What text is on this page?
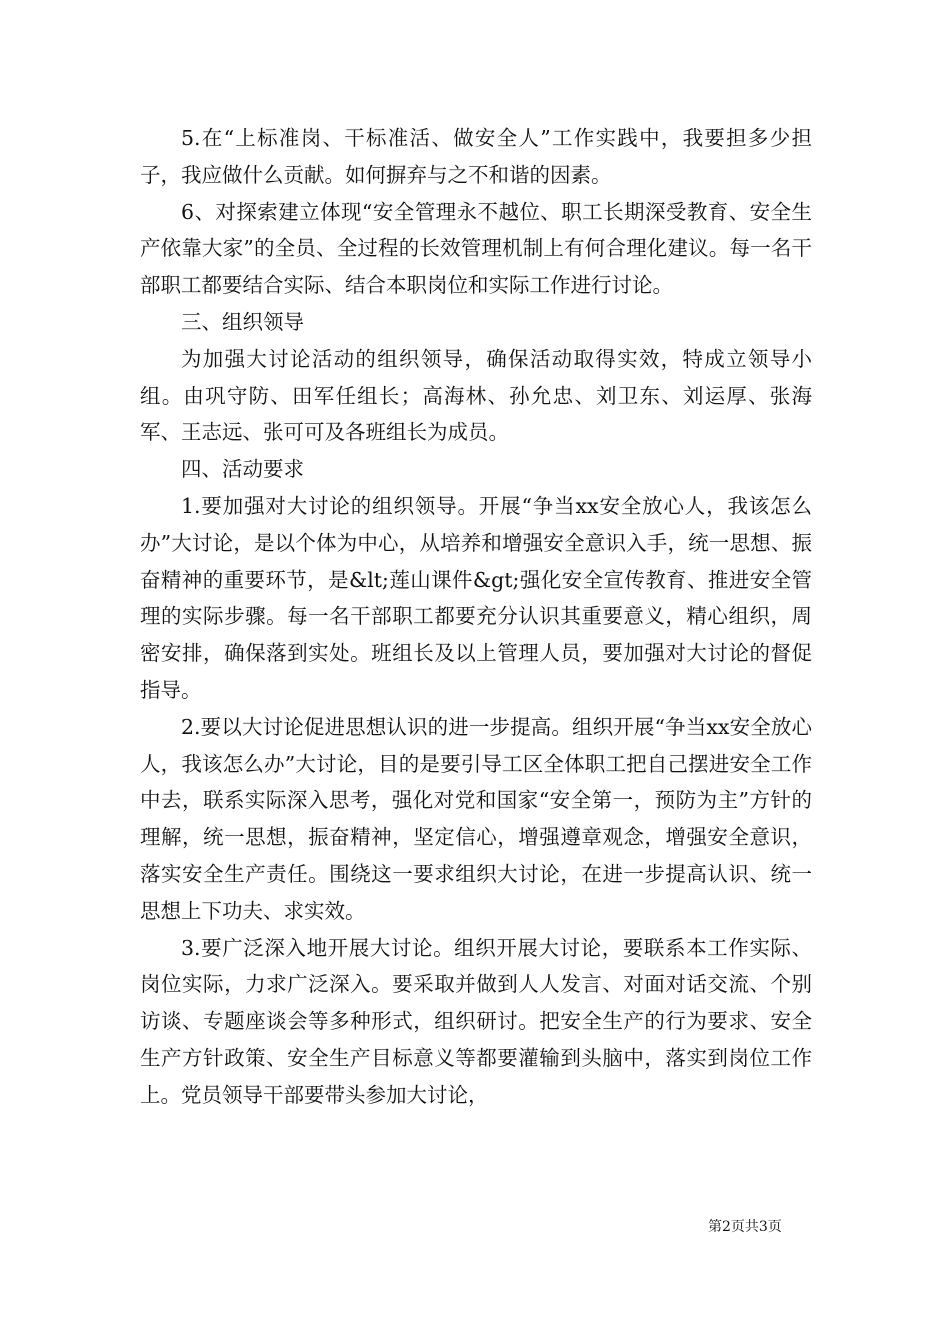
5.在“上标准岗、干标准活、做安全人”工作实践中，我要担多少担子，我应做什么贡献。如何摒弃与之不和谐的因素。

6、对探索建立体现“安全管理永不越位、职工长期深受教育、安全生产依靠大家”的全员、全过程的长效管理机制上有何合理化建议。每一名干部职工都要结合实际、结合本职岗位和实际工作进行讨论。

三、组织领导

为加强大讨论活动的组织领导，确保活动取得实效，特成立领导小组。由巩守防、田军任组长；高海林、孙允忠、刘卫东、刘运厚、张海军、王志远、张可可及各班组长为成员。

四、活动要求

1.要加强对大讨论的组织领导。开展“争当xx安全放心人，我该怎么办”大讨论，是以个体为中心，从培养和增强安全意识入手，统一思想、振奋精神的重要环节，是&lt;莲山课件&gt;强化安全宣传教育、推进安全管理的实际步骤。每一名干部职工都要充分认识其重要意义，精心组织，周密安排，确保落到实处。班组长及以上管理人员，要加强对大讨论的督促指导。

2.要以大讨论促进思想认识的进一步提高。组织开展“争当xx安全放心人，我该怎么办”大讨论，目的是要引导工区全体职工把自己摆进安全工作中去，联系实际深入思考，强化对党和国家“安全第一，预防为主”方针的理解，统一思想，振奋精神，坚定信心，增强遵章观念，增强安全意识，落实安全生产责任。围绕这一要求组织大讨论，在进一步提高认识、统一思想上下功夫、求实效。

3.要广泛深入地开展大讨论。组织开展大讨论，要联系本工作实际、岗位实际，力求广泛深入。要采取并做到人人发言、对面对话交流、个别访谈、专题座谈会等多种形式，组织研讨。把安全生产的行为要求、安全生产方针政策、安全生产目标意义等都要灌输到头脑中，落实到岗位工作上。党员领导干部要带头参加大讨论，

第2页共3页
